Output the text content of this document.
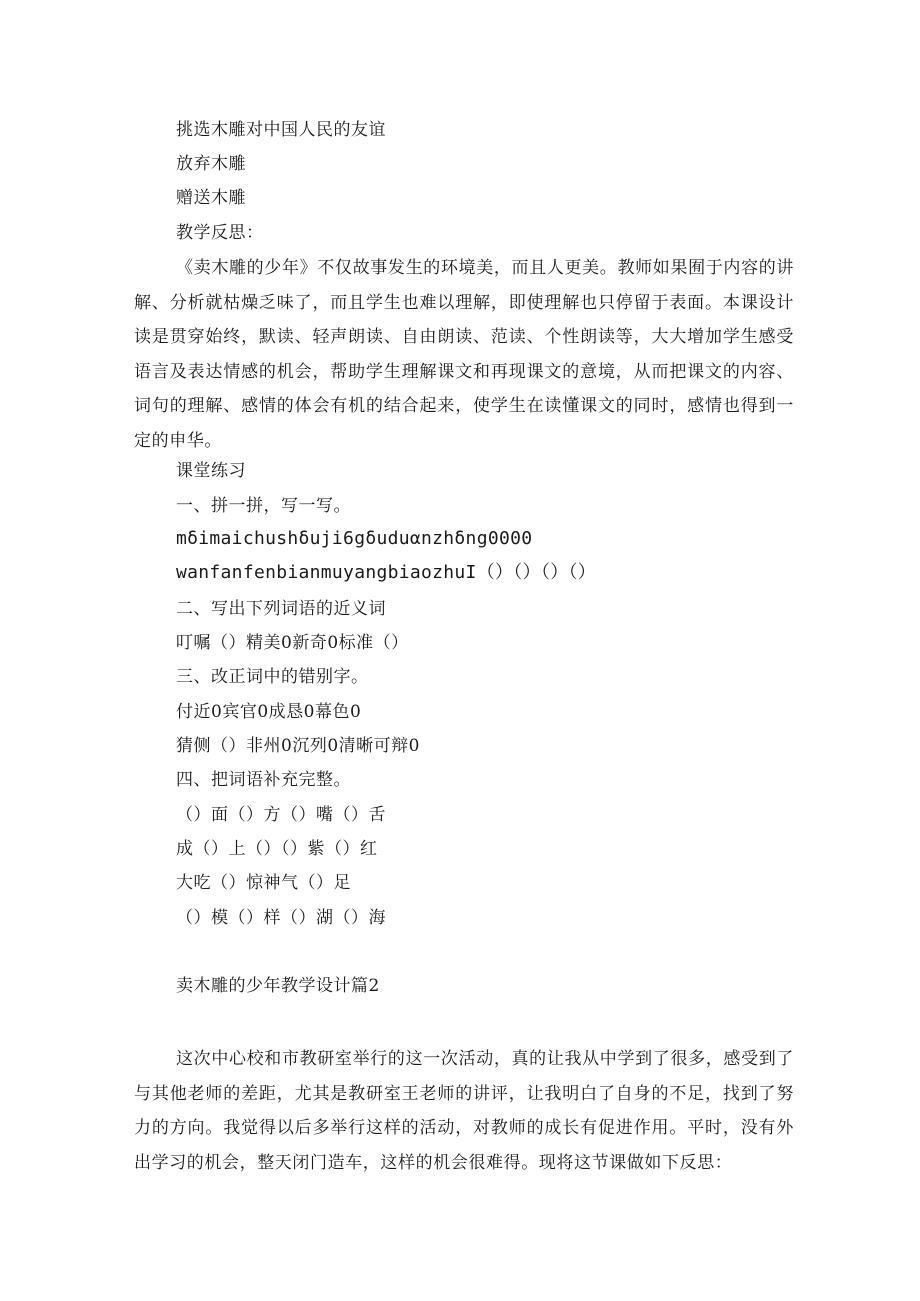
挑选木雕对中国人民的友谊
放弃木雕
赠送木雕
教学反思：
《卖木雕的少年》不仅故事发生的环境美，而且人更美。教师如果囿于内容的讲解、分析就枯燥乏味了，而且学生也难以理解，即使理解也只停留于表面。本课设计读是贯穿始终，默读、轻声朗读、自由朗读、范读、个性朗读等，大大增加学生感受语言及表达情感的机会，帮助学生理解课文和再现课文的意境，从而把课文的内容、词句的理解、感情的体会有机的结合起来，使学生在读懂课文的同时，感情也得到一定的申华。
课堂练习
一、拼一拼，写一写。
mδimaichushδuji6gδuduαnzhδng0000
wanfanfenbianmuyangbiaozhuI（）（）（）（）
二、写出下列词语的近义词
叮嘱（）精美0新奇0标准（）
三、改正词中的错别字。
付近0宾官0成恳0幕色0
猜侧（）非州0沉列0清晰可辩0
四、把词语补充完整。
（）面（）方（）嘴（）舌
成（）上（）（）紫（）红
大吃（）惊神气（）足
（）模（）样（）湖（）海
卖木雕的少年教学设计篇2
这次中心校和市教研室举行的这一次活动，真的让我从中学到了很多，感受到了与其他老师的差距，尤其是教研室王老师的讲评，让我明白了自身的不足，找到了努力的方向。我觉得以后多举行这样的活动，对教师的成长有促进作用。平时，没有外出学习的机会，整天闭门造车，这样的机会很难得。现将这节课做如下反思：
